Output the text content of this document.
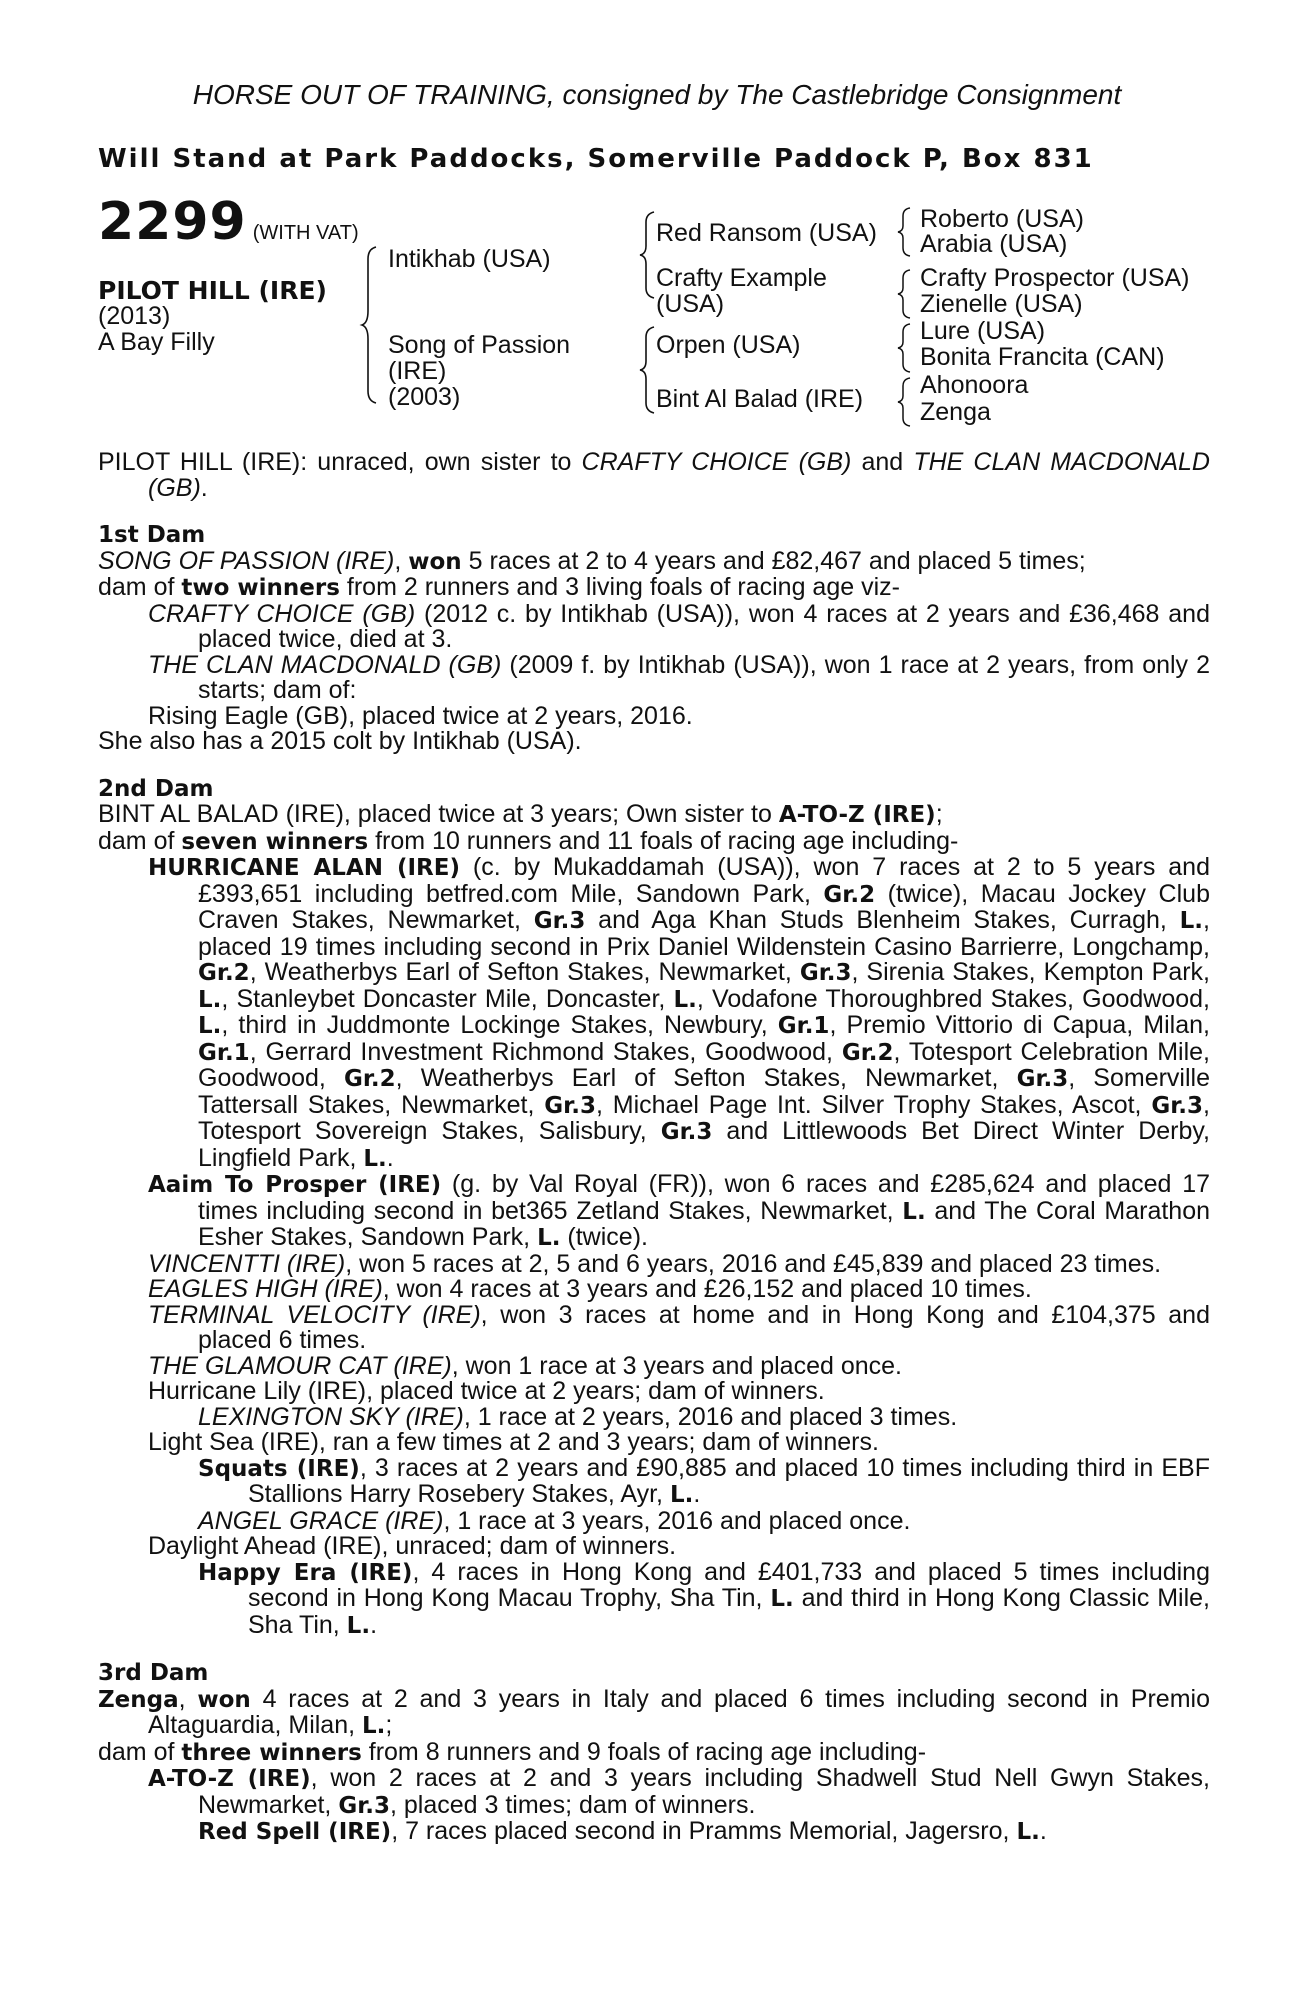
HORSE OUT OF TRAINING, consigned by The Castlebridge Consignment
Will Stand at Park Paddocks, Somerville Paddock P, Box 831
2299 (WITH VAT)
PILOT HILL (IRE)
(2013)
A Bay Filly
Intikhab (USA)
Song of Passion
(IRE)
(2003)
Red Ransom (USA)
Crafty Example
(USA)
Orpen (USA)
Bint Al Balad (IRE)
Roberto (USA)
Arabia (USA)
Crafty Prospector (USA)
Zienelle (USA)
Lure (USA)
Bonita Francita (CAN)
Ahonoora
Zenga

PILOT HILL (IRE): unraced, own sister to CRAFTY CHOICE (GB) and THE CLAN MACDONALD (GB).

1st Dam

SONG OF PASSION (IRE), won 5 races at 2 to 4 years and £82,467 and placed 5 times;

dam of two winners from 2 runners and 3 living foals of racing age viz-

CRAFTY CHOICE (GB) (2012 c. by Intikhab (USA)), won 4 races at 2 years and £36,468 and placed twice, died at 3.

THE CLAN MACDONALD (GB) (2009 f. by Intikhab (USA)), won 1 race at 2 years, from only 2 starts; dam of:

Rising Eagle (GB), placed twice at 2 years, 2016.

She also has a 2015 colt by Intikhab (USA).

2nd Dam

BINT AL BALAD (IRE), placed twice at 3 years; Own sister to A-TO-Z (IRE);

dam of seven winners from 10 runners and 11 foals of racing age including-

HURRICANE ALAN (IRE) (c. by Mukaddamah (USA)), won 7 races at 2 to 5 years and £393,651 including betfred.com Mile, Sandown Park, Gr.2 (twice), Macau Jockey Club Craven Stakes, Newmarket, Gr.3 and Aga Khan Studs Blenheim Stakes, Curragh, L., placed 19 times including second in Prix Daniel Wildenstein Casino Barrierre, Longchamp, Gr.2, Weatherbys Earl of Sefton Stakes, Newmarket, Gr.3, Sirenia Stakes, Kempton Park, L., Stanleybet Doncaster Mile, Doncaster, L., Vodafone Thoroughbred Stakes, Goodwood, L., third in Juddmonte Lockinge Stakes, Newbury, Gr.1, Premio Vittorio di Capua, Milan, Gr.1, Gerrard Investment Richmond Stakes, Goodwood, Gr.2, Totesport Celebration Mile, Goodwood, Gr.2, Weatherbys Earl of Sefton Stakes, Newmarket, Gr.3, Somerville Tattersall Stakes, Newmarket, Gr.3, Michael Page Int. Silver Trophy Stakes, Ascot, Gr.3, Totesport Sovereign Stakes, Salisbury, Gr.3 and Littlewoods Bet Direct Winter Derby, Lingfield Park, L..

Aaim To Prosper (IRE) (g. by Val Royal (FR)), won 6 races and £285,624 and placed 17 times including second in bet365 Zetland Stakes, Newmarket, L. and The Coral Marathon Esher Stakes, Sandown Park, L. (twice).

VINCENTTI (IRE), won 5 races at 2, 5 and 6 years, 2016 and £45,839 and placed 23 times.

EAGLES HIGH (IRE), won 4 races at 3 years and £26,152 and placed 10 times.

TERMINAL VELOCITY (IRE), won 3 races at home and in Hong Kong and £104,375 and placed 6 times.

THE GLAMOUR CAT (IRE), won 1 race at 3 years and placed once.

Hurricane Lily (IRE), placed twice at 2 years; dam of winners.

LEXINGTON SKY (IRE), 1 race at 2 years, 2016 and placed 3 times.

Light Sea (IRE), ran a few times at 2 and 3 years; dam of winners.

Squats (IRE), 3 races at 2 years and £90,885 and placed 10 times including third in EBF Stallions Harry Rosebery Stakes, Ayr, L..

ANGEL GRACE (IRE), 1 race at 3 years, 2016 and placed once.

Daylight Ahead (IRE), unraced; dam of winners.

Happy Era (IRE), 4 races in Hong Kong and £401,733 and placed 5 times including second in Hong Kong Macau Trophy, Sha Tin, L. and third in Hong Kong Classic Mile, Sha Tin, L..

3rd Dam

Zenga, won 4 races at 2 and 3 years in Italy and placed 6 times including second in Premio Altaguardia, Milan, L.;

dam of three winners from 8 runners and 9 foals of racing age including-

A-TO-Z (IRE), won 2 races at 2 and 3 years including Shadwell Stud Nell Gwyn Stakes, Newmarket, Gr.3, placed 3 times; dam of winners.

Red Spell (IRE), 7 races placed second in Pramms Memorial, Jagersro, L..
